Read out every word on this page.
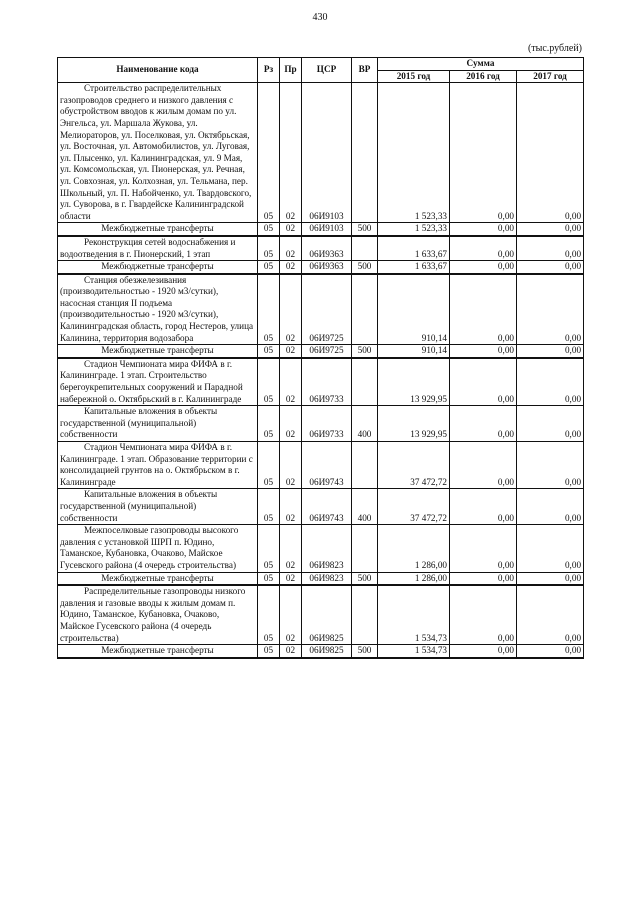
430
(тыс.рублей)
Наименование кода	Рз	Пр	ЦСР	ВР	Сумма		
					2015 год	2016 год	2017 год
Строительство распределительных газопроводов среднего и низкого давления с обустройством вводов к жилым домам по ул. Энгельса, ул. Маршала Жукова, ул. Мелиораторов, ул. Поселковая, ул. Октябрьская, ул. Восточная, ул. Автомобилистов, ул. Луговая, ул. Плысенко, ул. Калининградская, ул. 9 Мая, ул. Комсомольская, ул. Пионерская, ул. Речная, ул. Совхозная, ул. Колхозная, ул. Тельмана, пер. Школьный, ул. П. Набойченко, ул. Твардовского, ул. Суворова, в г. Гвардейске Калининградской области	05	02	06И9103		1 523,33	0,00	0,00
Межбюджетные трансферты	05	02	06И9103	500	1 523,33	0,00	0,00
Реконструкция сетей водоснабжения и водоотведения в г. Пионерский, 1 этап	05	02	06И9363		1 633,67	0,00	0,00
Межбюджетные трансферты	05	02	06И9363	500	1 633,67	0,00	0,00
Станция обезжелезивания (производительностью - 1920 м3/сутки), насосная станция II подъема (производительностью - 1920 м3/сутки), Калининградская область, город Нестеров, улица Калинина, территория водозабора	05	02	06И9725		910,14	0,00	0,00
Межбюджетные трансферты	05	02	06И9725	500	910,14	0,00	0,00
Стадион Чемпионата мира ФИФА в г. Калининграде. 1 этап. Строительство берегоукрепительных сооружений и Парадной набережной о. Октябрьский в г. Калининграде	05	02	06И9733		13 929,95	0,00	0,00
Капитальные вложения в объекты государственной (муниципальной) собственности	05	02	06И9733	400	13 929,95	0,00	0,00
Стадион Чемпионата мира ФИФА в г. Калининграде. 1 этап. Образование территории с консолидацией грунтов на о. Октябрьском в г. Калининграде	05	02	06И9743		37 472,72	0,00	0,00
Капитальные вложения в объекты государственной (муниципальной) собственности	05	02	06И9743	400	37 472,72	0,00	0,00
Межпоселковые газопроводы высокого давления с установкой ШРП п. Юдино, Таманское, Кубановка, Очаково, Майское Гусевского района (4 очередь строительства)	05	02	06И9823		1 286,00	0,00	0,00
Межбюджетные трансферты	05	02	06И9823	500	1 286,00	0,00	0,00
Распределительные газопроводы низкого давления и газовые вводы к жилым домам п. Юдино, Таманское, Кубановка, Очаково, Майское Гусевского района (4 очередь строительства)	05	02	06И9825		1 534,73	0,00	0,00
Межбюджетные трансферты	05	02	06И9825	500	1 534,73	0,00	0,00
